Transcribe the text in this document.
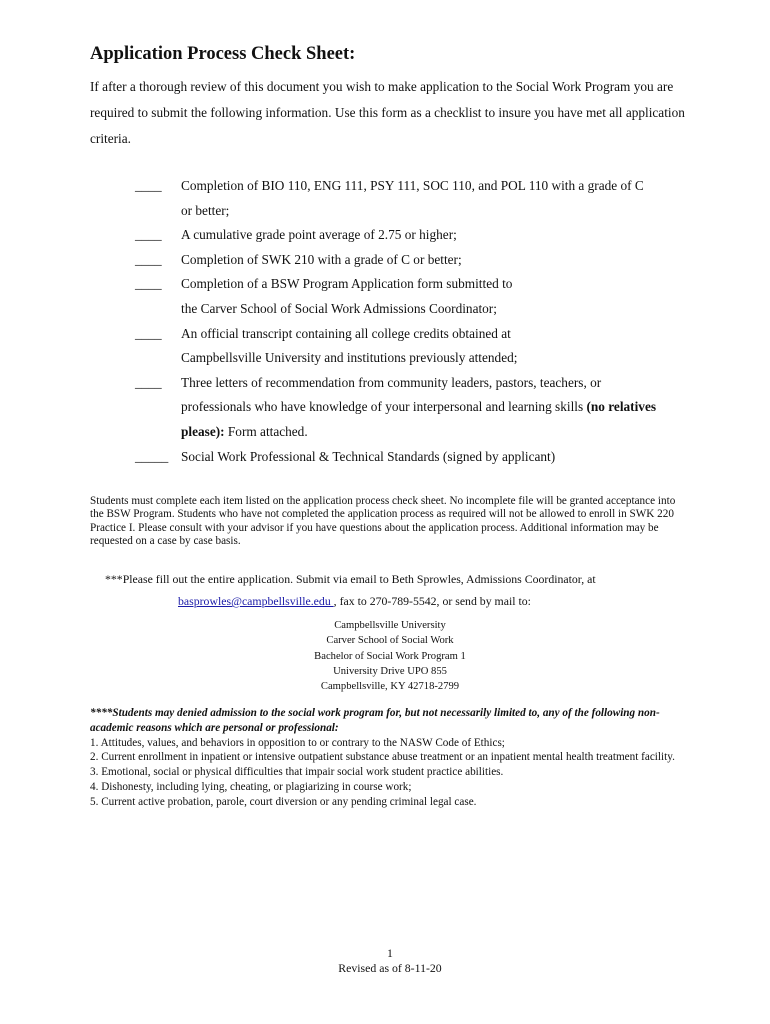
Application Process Check Sheet:

If after a thorough review of this document you wish to make application to the Social Work Program you are required to submit the following information. Use this form as a checklist to insure you have met all application criteria.

____ Completion of BIO 110, ENG 111, PSY 111, SOC 110, and POL 110 with a grade of C
or better;
____ A cumulative grade point average of 2.75 or higher;
____ Completion of SWK 210 with a grade of C or better;
____ Completion of a BSW Program Application form submitted to
the Carver School of Social Work Admissions Coordinator;
____ An official transcript containing all college credits obtained at
Campbellsville University and institutions previously attended;
____ Three letters of recommendation from community leaders, pastors, teachers, or
professionals who have knowledge of your interpersonal and learning skills (no relatives
please): Form attached.
_____ Social Work Professional & Technical Standards (signed by applicant)

Students must complete each item listed on the application process check sheet. No incomplete file will be granted acceptance into the BSW Program. Students who have not completed the application process as required will not be allowed to enroll in SWK 220 Practice I. Please consult with your advisor if you have questions about the application process. Additional information may be requested on a case by case basis.

***Please fill out the entire application. Submit via email to Beth Sprowles, Admissions Coordinator, at

basprowles@campbellsville.edu , fax to 270-789-5542, or send by mail to:

Campbellsville University
Carver School of Social Work
Bachelor of Social Work Program 1
University Drive UPO 855
Campbellsville, KY 42718-2799
****Students may denied admission to the social work program for, but not necessarily limited to, any of the following non-academic reasons which are personal or professional:
1. Attitudes, values, and behaviors in opposition to or contrary to the NASW Code of Ethics;
2. Current enrollment in inpatient or intensive outpatient substance abuse treatment or an inpatient mental health treatment facility.
3. Emotional, social or physical difficulties that impair social work student practice abilities.
4. Dishonesty, including lying, cheating, or plagiarizing in course work;
5. Current active probation, parole, court diversion or any pending criminal legal case.
1
Revised as of 8-11-20
